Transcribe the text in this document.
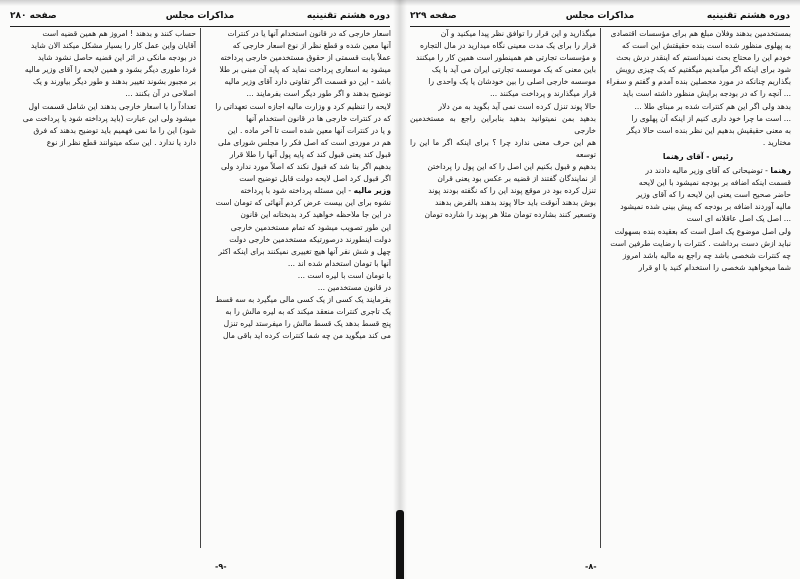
دوره هشتم تقنینیه
مذاکرات مجلس
صفحه ۲۸۰

اسعار خارجی که در قانون استخدام آنها یا در کنترات

آنها معین شده و قطع نظر از نوع اسعار خارجی که

عملاً بابت قسمتی از حقوق مستخدمین خارجی پرداخته

میشود به اسعاری پرداخت نماید که پایه آن مبنی بر طلا

باشد - این دو قسمت اگر تفاوتی دارد آقای وزیر مالیه

توضیح بدهند و اگر طور دیگر است بفرمایند ...

لایحه را تنظیم کرد و وزارت مالیه اجازه است تعهداتی را

که در کنترات خارجی ها در قانون استخدام آنها

و یا در کنترات آنها معین شده است تا آخر ماده . این

هم در موردی است که اصل فکر را مجلس شورای ملی

قبول کند یعنی قبول کند که پایه پول آنها را طلا قرار

بدهیم اگر بنا شد که قبول نکند که اصلاً مورد ندارد ولی

اگر قبول کرد اصل لایحه دولت قابل توضیح است

وزیر مالیه - این مسئله پرداخته شود با پرداخته

نشوه برای این بیست عرض کردم آنهائی که تومان است

در این جا ملاحظه خواهید کرد بدبختانه این قانون

این طور تصویب میشود که تمام مستخدمین خارجی

دولت اینطورند درصورتیکه مستخدمین خارجی دولت

چهل و شش نفر آنها هیچ تغییری نمیکنند برای اینکه اکثر

آنها با تومان استخدام شده اند ...

با تومان است با لیره است ...

در قانون مستخدمین ...

بفرمایند یک کسی از یک کسی مالی میگیرد به سه قسط

یک تاجری کنترات منعقد میکند که به لیره مالش را به

پنج قسط بدهد یک قسط مالش را میفرستد لیره تنزل

می کند میگوید من چه شما کنترات کرده اید باقی مال

حساب کنند و بدهند ! امروز هم همین قضیه است

آقایان واین عمل کار را بسیار مشکل میکند الان شاید

در بودجه مانکی در اثر این قضیه حاصل نشود شاید

فردا طوری دیگر بشود و همین لایحه را آقای وزیر مالیه

بر مجبور بشوند تغییر بدهند و طور دیگر بیاورند و یک

اصلاحی در آن بکنند ...

تعداداً را با اسعار خارجی بدهند این شامل قسمت اول

میشود ولی این عبارت (باید پرداخته شود یا پرداخت می

شود) این را ما نمی فهمیم باید توضیح بدهند که فرق

دارد یا ندارد . این سکه میتوانند قطع نظر از نوع

-٩-
دوره هشتم تقنینیه
مذاکرات مجلس
صفحه ۲۲۹

بمستخدمین بدهند وفلان مبلغ هم برای مؤسسات اقتصادی

به پهلوی منظور شده است بنده حقیقتش این است که

خودم این را محتاج بحث نمیدانستم که اینقدر درش بحث

شود برای اینکه اگر میآمدیم میگفتیم که یک چیزی رویش

بگذاریم چنانکه در مورد محصلین بنده آمدم و گفتم و سفراء

... آنچه را که در بودجه برایش منظور داشته است باید

بدهد ولی اگر این هم کنترات شده بر مبنای طلا ...

... است ما چرا خود داری کنیم از اینکه آن پهلوی را

به معنی حقیقیش بدهیم این نظر بنده است حالا دیگر

مختارید .

رئیس - آقای رهنما

رهنما - توضیحاتی که آقای وزیر مالیه دادند در

قسمت اینکه اضافه بر بودجه نمیشود با این لایحه

حاضر صحیح است یعنی این لایحه را که آقای وزیر

مالیه آوردند اضافه بر بودجه که پیش بینی شده نمیشود

... اصل یک اصل عاقلانه ای است

ولی اصل موضوع یک اصل است که بعقیده بنده بسهولت

نباید ازش دست برداشت . کنترات با رضایت طرفین است

چه کنترات شخصی باشد چه راجع به مالیه باشد امروز

شما میخواهید شخصی را استخدام کنید یا او قرار

میگذارید و این قرار را توافق نظر پیدا میکنید و آن

قرار را برای یک مدت معینی نگاه میدارید در مال التجاره

و مؤسسات تجارتی هم همینطور است همین کار را میکنند

باین معنی که یک موسسه تجارتی ایران می آید با یک

موسسه خارجی اصلی را بین خودشان یا یک واحدی را

قرار میگذارند و پرداخت میکنند ...

حالا پوند تنزل کرده است نمی آید بگوید به من دلار

بدهید بمن نمیتوانید بدهید بنابراین راجع به مستخدمین خارجی

هم این حرف معنی ندارد چرا ؟ برای اینکه اگر ما این را توسعه

بدهیم و قبول بکنیم این اصل را که این پول را پرداختن

از نمایندگان گفتند از قضیه بر عکس بود یعنی قران

تنزل کرده بود در موقع پوند این را که نگفته بودند پوند

بوش بدهند آنوقت باید حالا پوند بدهند بالفرض بدهند

وتسعیر کنند بشارده تومان مثلا هر پوند را شارده تومان

-٨-
